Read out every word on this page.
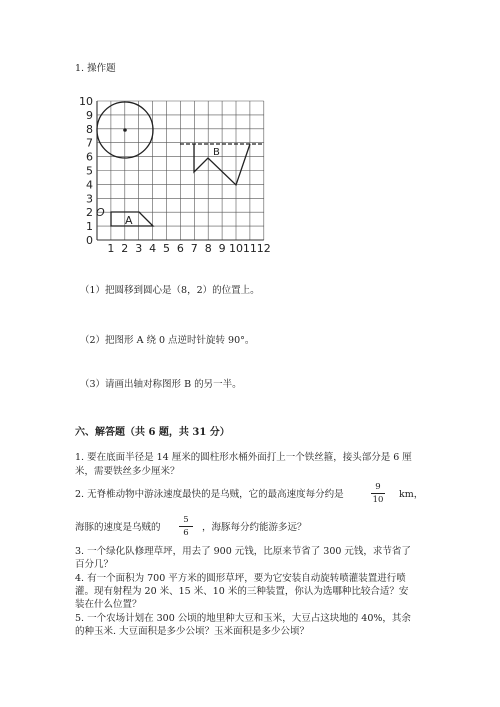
1. 操作题
10
9
8
7
6
5
4
3
2
1
0
1 2 3 4 5 6 7 8 9 10 11 12
O
A
B
（1）把圆移到圆心是（8，2）的位置上。
（2）把图形 A 绕 0 点逆时针旋转 90°。
（3）请画出轴对称图形 B 的另一半。
六、解答题（共 6 题，共 31 分）
1. 要在底面半径是 14 厘米的圆柱形水桶外面打上一个铁丝箍，接头部分是 6 厘
米，需要铁丝多少厘米？
2. 无脊椎动物中游泳速度最快的是乌贼，它的最高速度每分约是
9
10 km，
海豚的速度是乌贼的
5
6	，海豚每分约能游多远？
3. 一个绿化队修理草坪，用去了 900 元钱，比原来节省了 300 元钱，求节省了
百分几？
4. 有一个面积为 700 平方米的圆形草坪，要为它安装自动旋转喷灌装置进行喷
灌。现有射程为 20 米、15 米、10 米的三种装置，你认为选哪种比较合适？安
装在什么位置？
5. 一个农场计划在 300 公顷的地里种大豆和玉米，大豆占这块地的 40%，其余
的种玉米. 大豆面积是多少公顷？玉米面积是多少公顷？
